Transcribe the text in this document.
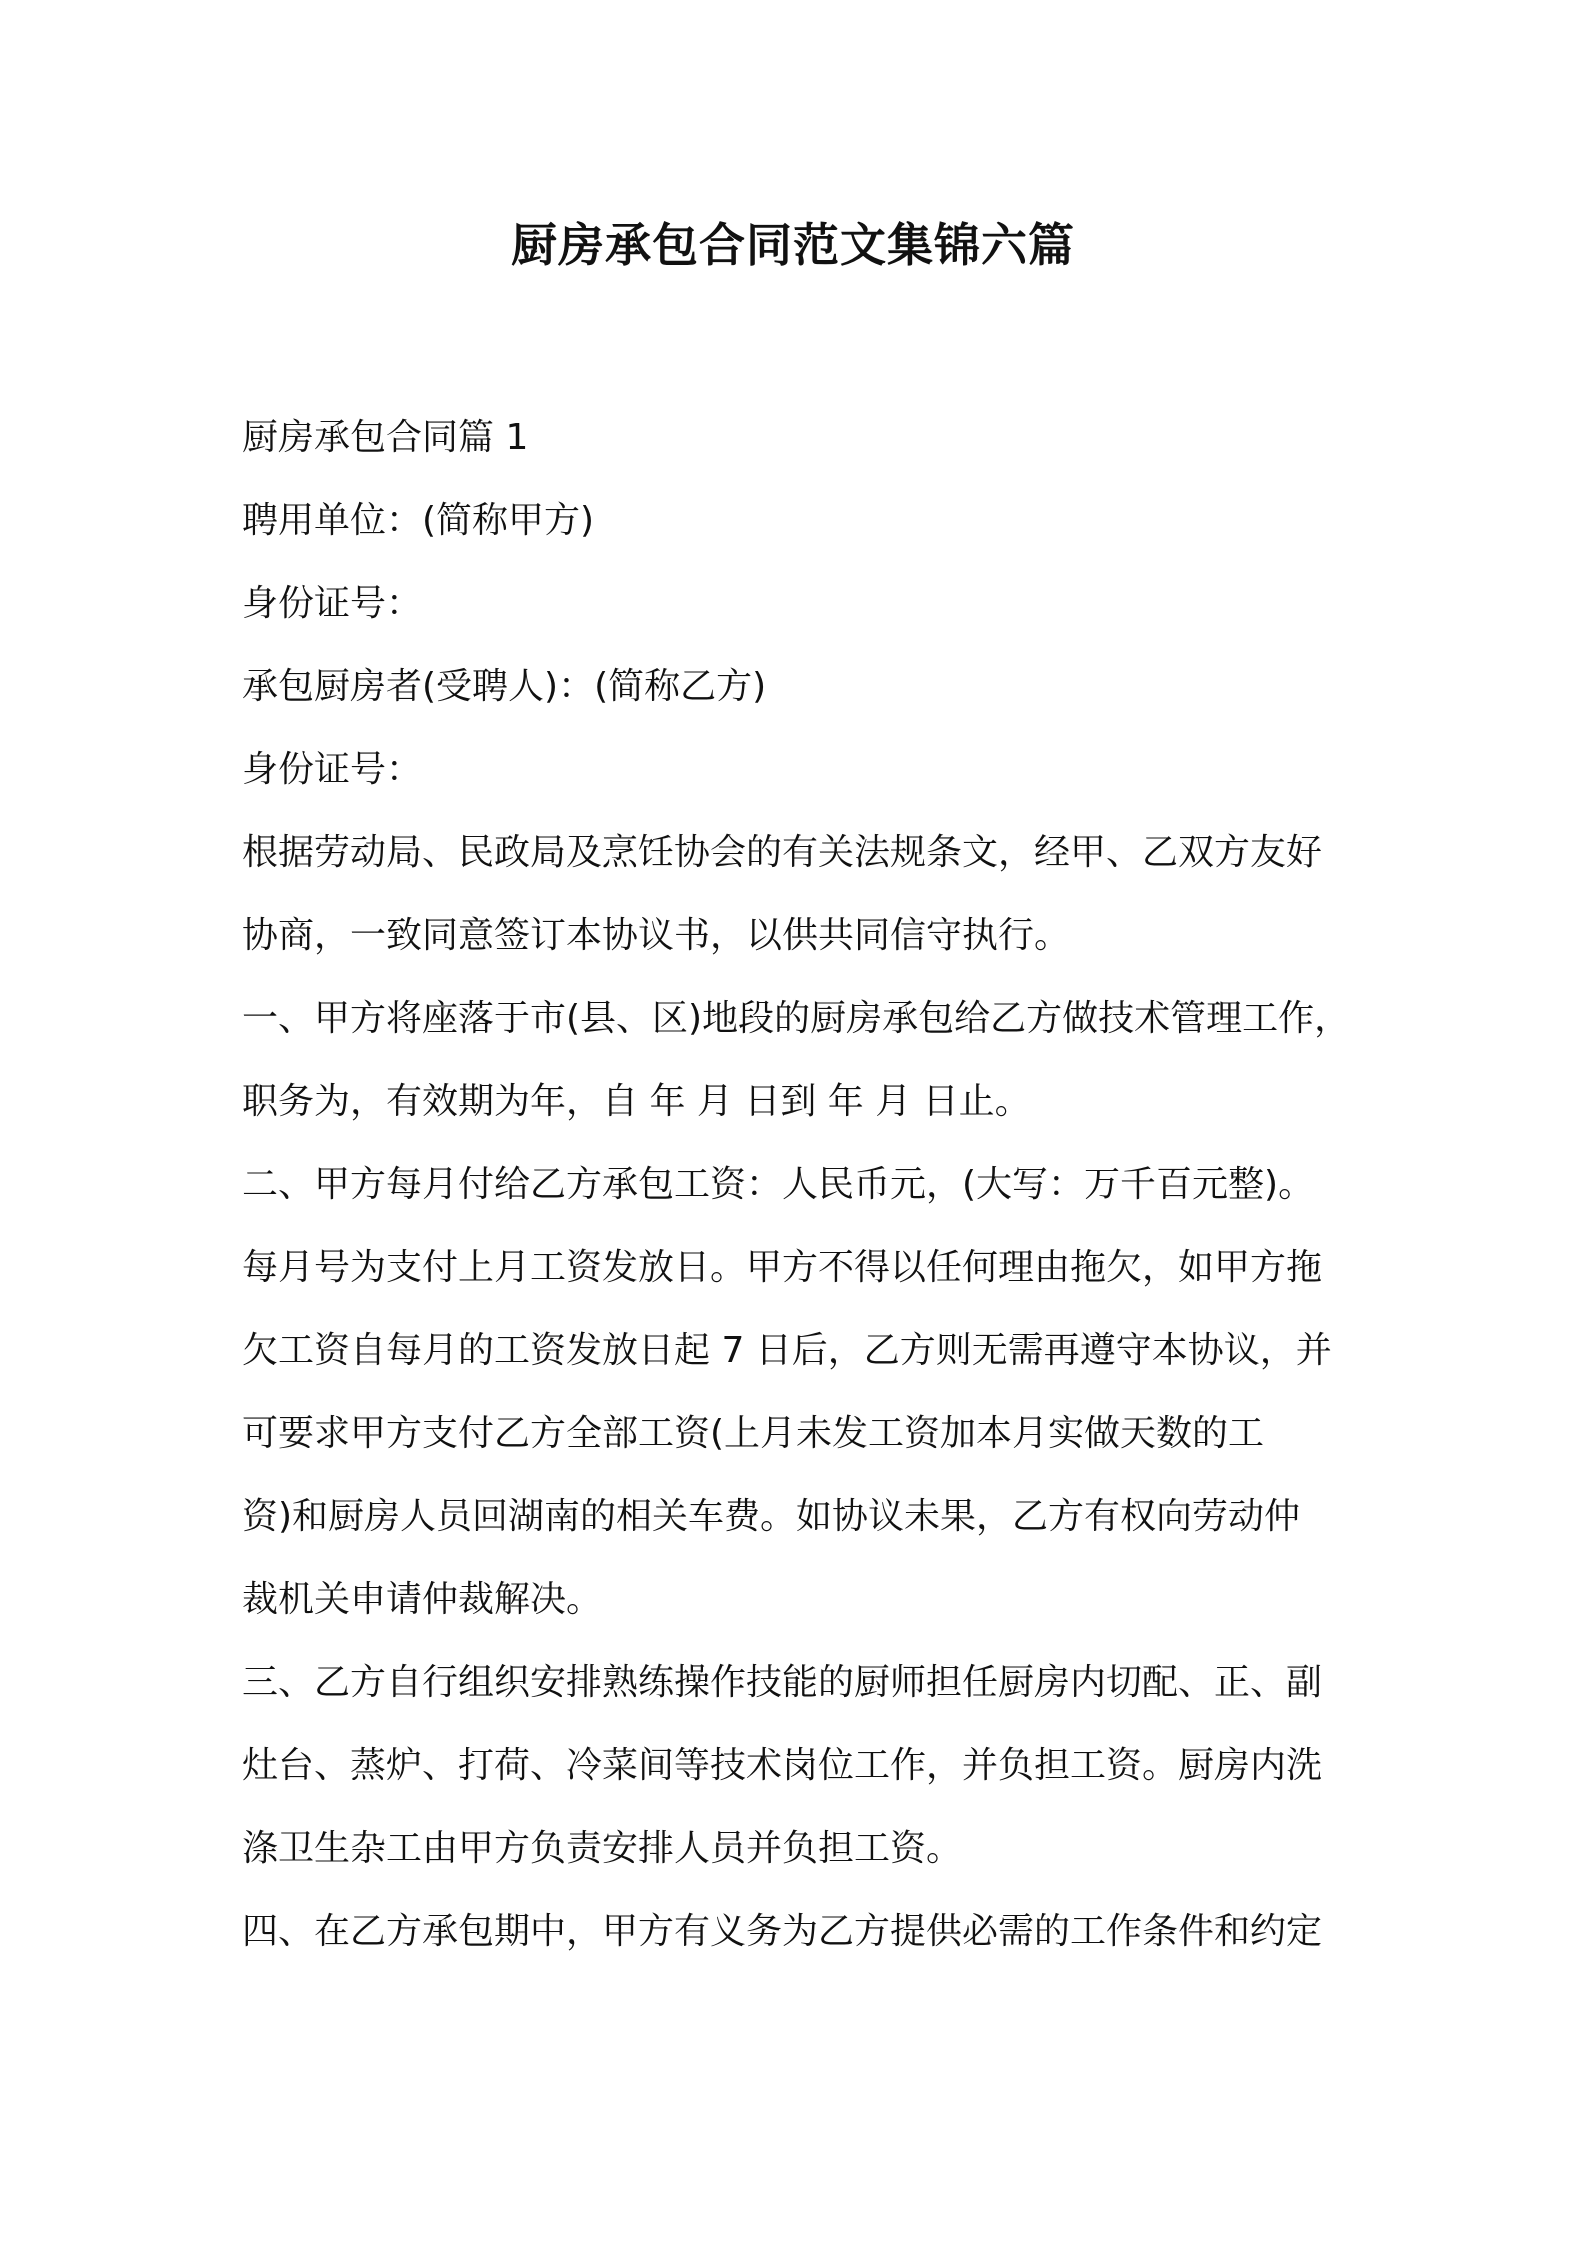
厨房承包合同范文集锦六篇
厨房承包合同篇 1
聘用单位：(简称甲方)
身份证号：
承包厨房者(受聘人)：(简称乙方)
身份证号：
根据劳动局、民政局及烹饪协会的有关法规条文，经甲、乙双方友好
协商，一致同意签订本协议书，以供共同信守执行。
一、甲方将座落于市(县、区)地段的厨房承包给乙方做技术管理工作，
职务为，有效期为年，自 年 月 日到 年 月 日止。
二、甲方每月付给乙方承包工资：人民币元，(大写：万千百元整)。
每月号为支付上月工资发放日。甲方不得以任何理由拖欠，如甲方拖
欠工资自每月的工资发放日起 7 日后，乙方则无需再遵守本协议，并
可要求甲方支付乙方全部工资(上月未发工资加本月实做天数的工
资)和厨房人员回湖南的相关车费。如协议未果，乙方有权向劳动仲
裁机关申请仲裁解决。
三、乙方自行组织安排熟练操作技能的厨师担任厨房内切配、正、副
灶台、蒸炉、打荷、冷菜间等技术岗位工作，并负担工资。厨房内洗
涤卫生杂工由甲方负责安排人员并负担工资。
四、在乙方承包期中，甲方有义务为乙方提供必需的工作条件和约定
